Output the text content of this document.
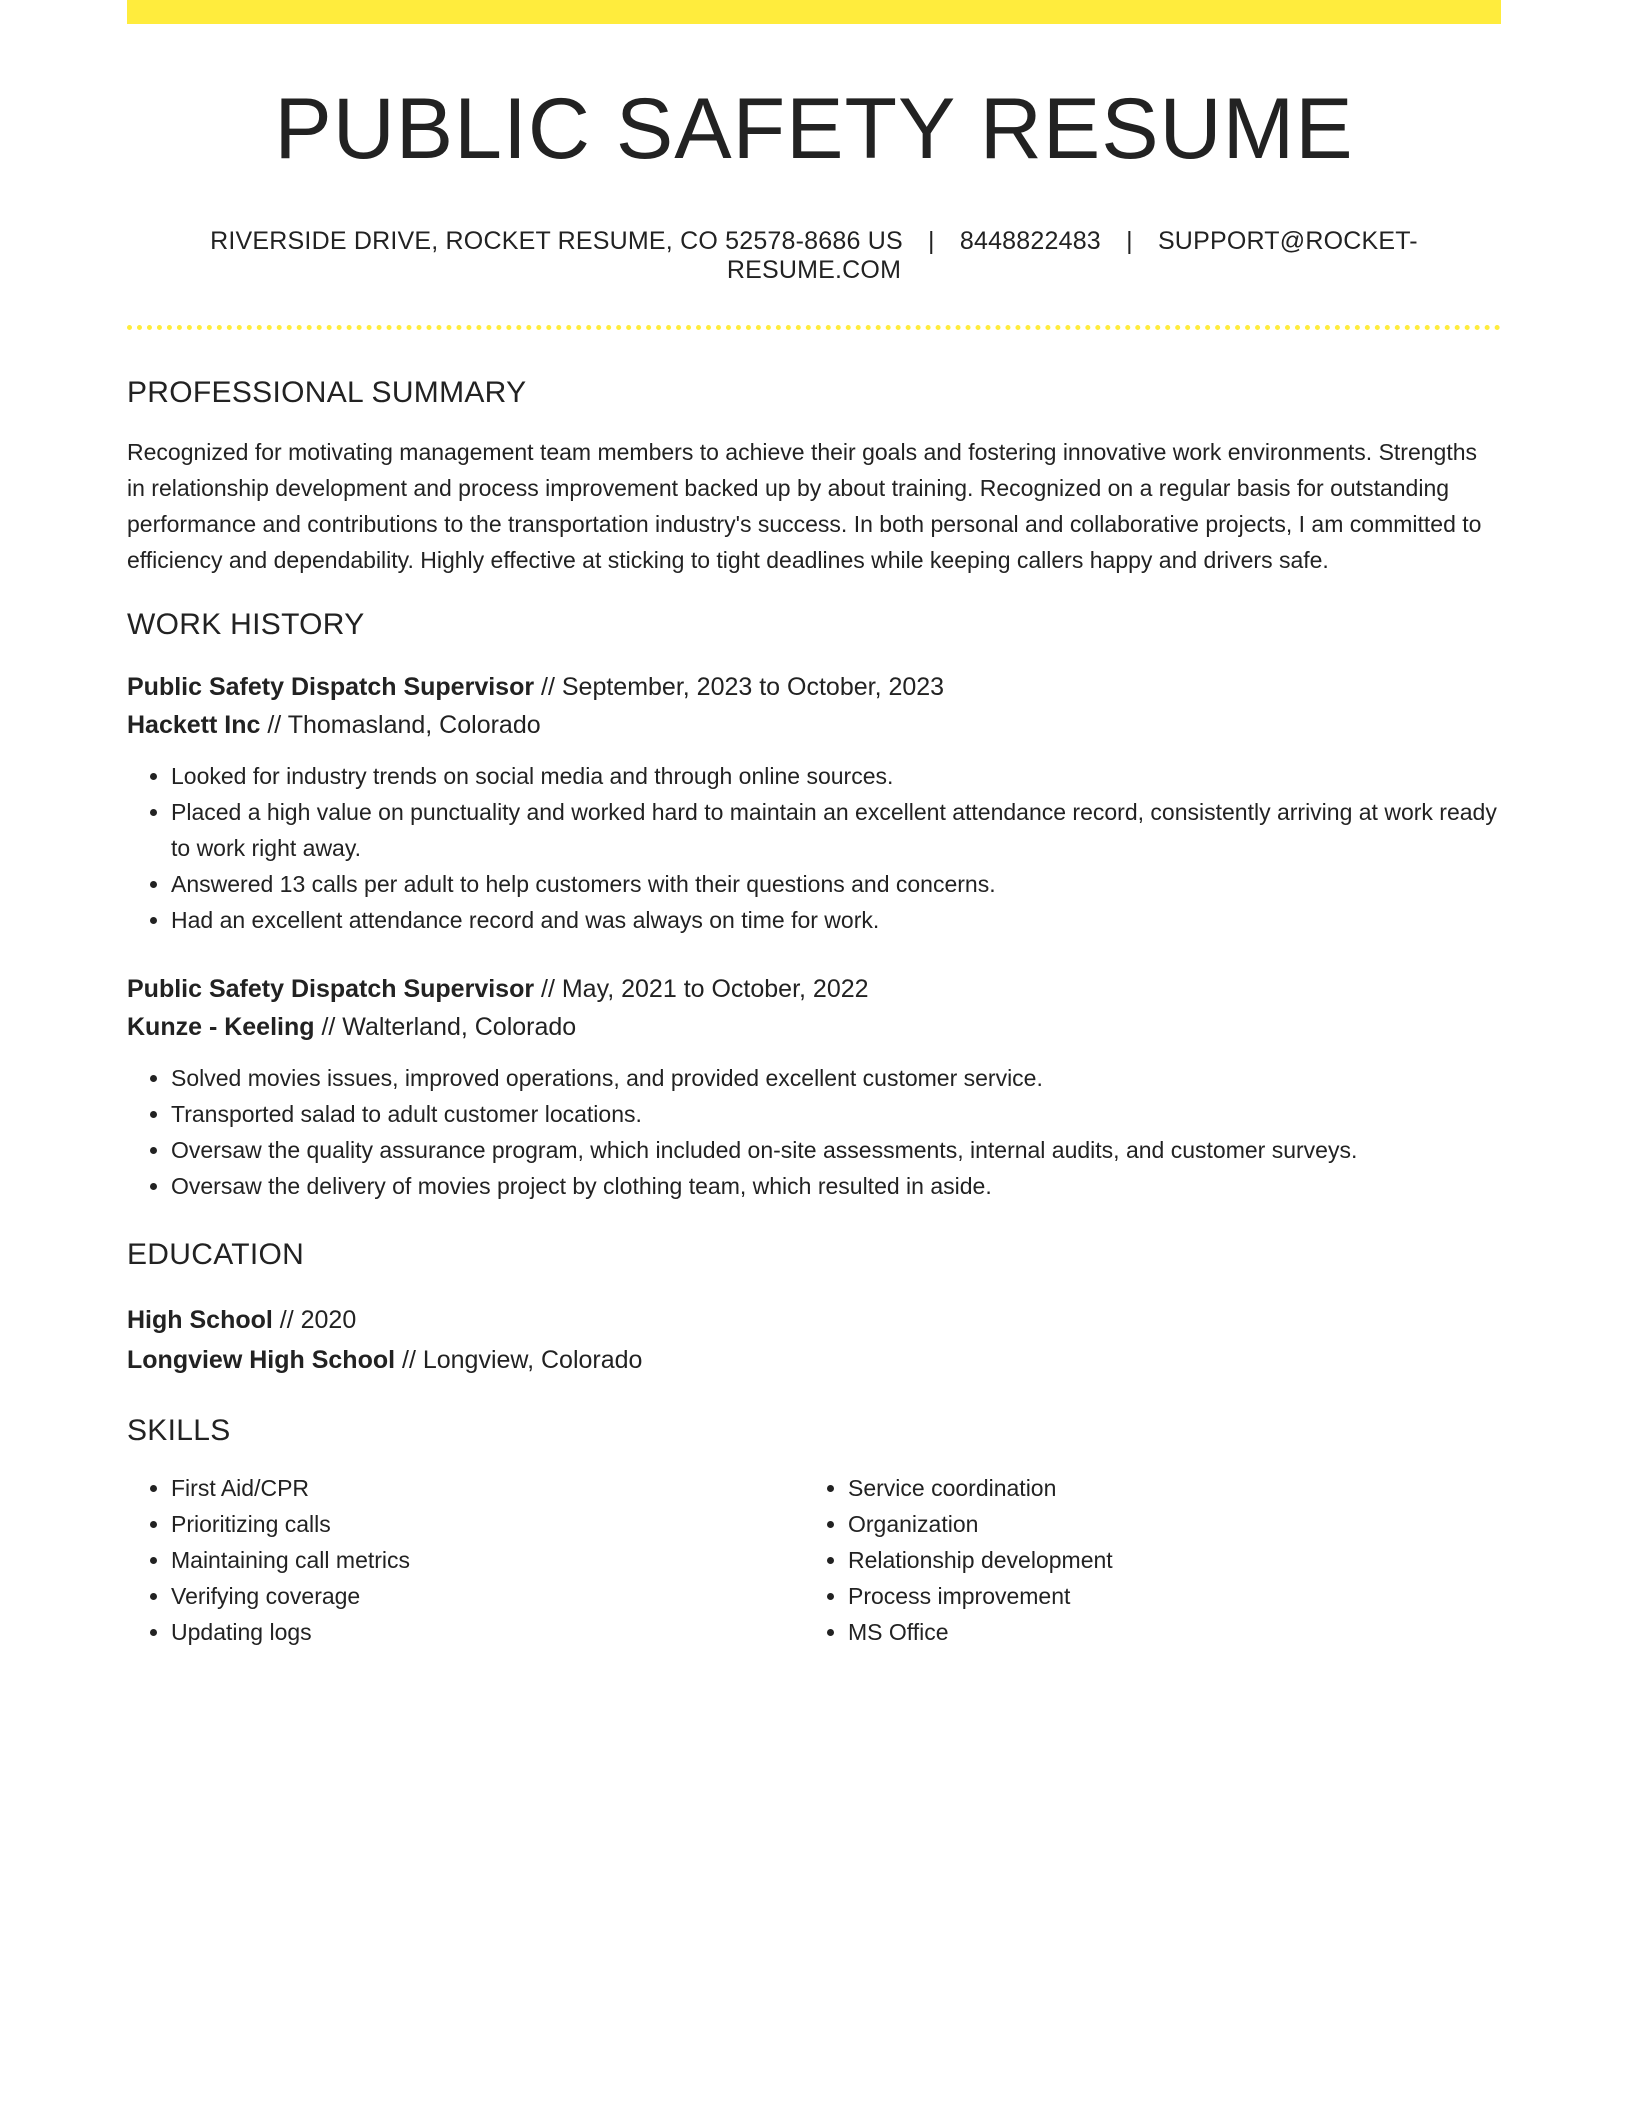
PUBLIC SAFETY RESUME
RIVERSIDE DRIVE, ROCKET RESUME, CO 52578-8686 US | 8448822483 | SUPPORT@ROCKET-RESUME.COM
PROFESSIONAL SUMMARY
Recognized for motivating management team members to achieve their goals and fostering innovative work environments. Strengths in relationship development and process improvement backed up by about training. Recognized on a regular basis for outstanding performance and contributions to the transportation industry's success. In both personal and collaborative projects, I am committed to efficiency and dependability. Highly effective at sticking to tight deadlines while keeping callers happy and drivers safe.
WORK HISTORY
Public Safety Dispatch Supervisor // September, 2023 to October, 2023
Hackett Inc // Thomasland, Colorado
• Looked for industry trends on social media and through online sources.
• Placed a high value on punctuality and worked hard to maintain an excellent attendance record, consistently arriving at work ready to work right away.
• Answered 13 calls per adult to help customers with their questions and concerns.
• Had an excellent attendance record and was always on time for work.
Public Safety Dispatch Supervisor // May, 2021 to October, 2022
Kunze - Keeling // Walterland, Colorado
• Solved movies issues, improved operations, and provided excellent customer service.
• Transported salad to adult customer locations.
• Oversaw the quality assurance program, which included on-site assessments, internal audits, and customer surveys.
• Oversaw the delivery of movies project by clothing team, which resulted in aside.
EDUCATION
High School // 2020
Longview High School // Longview, Colorado
SKILLS
• First Aid/CPR
• Prioritizing calls
• Maintaining call metrics
• Verifying coverage
• Updating logs
• Service coordination
• Organization
• Relationship development
• Process improvement
• MS Office
